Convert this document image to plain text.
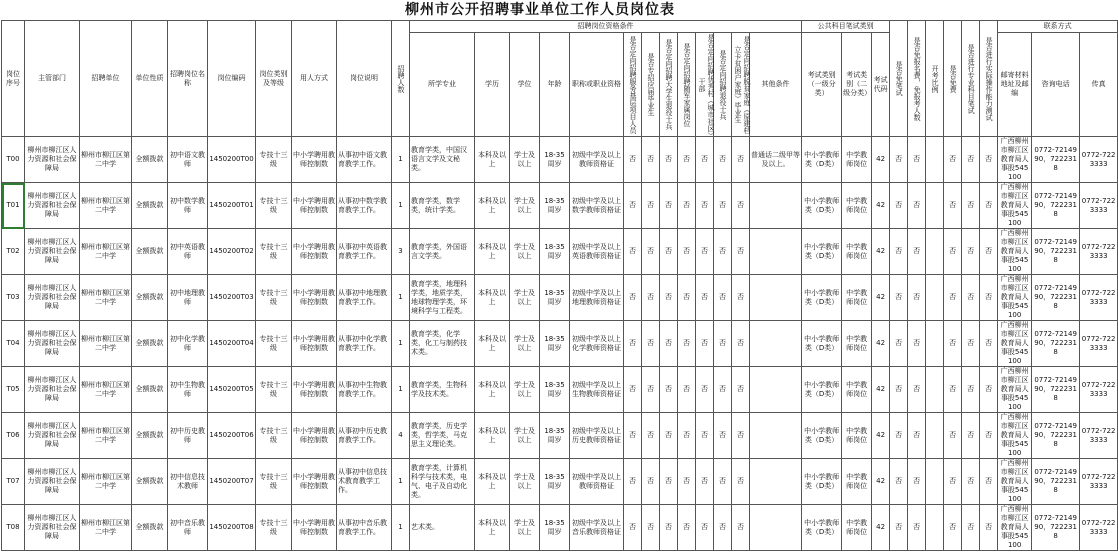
柳州市公开招聘事业单位工作人员岗位表
岗位序号	主管部门	招聘单位	单位性质	招聘岗位名称	岗位编码	岗位类别及等级	用人方式	岗位说明	招聘人数	招聘岗位资格条件													公共科目笔试类别			是否免笔试	是否免报名费，免报考人数	开考比例	是否免费	是否进行专业科目笔试	是否进行实际操作能力测试	联系方式		
										所学专业	学历	学位	年龄	职称或职业资格	是否定向招聘服务基层项目人员	是否专招应届毕业生	是否定向招聘大学生退役士兵	是否定向招聘随军家属岗位	是否定向招聘优秀村（城市社区）干部	是否定向招聘退役士兵	是否定向招聘脱贫家庭（原建档立卡贫困户家庭）毕业生	其他条件	考试类别（一级分类）	考试类别（二级分类）	考试代码							邮寄材料地址及邮编	咨询电话	传真
T00	柳州市柳江区人力资源和社会保障局	柳州市柳江区第二中学	全额拨款	初中语文教师	1450200T00	专技十三级	中小学聘用教师控制数	从事初中语文教育教学工作。	1	教育学类，中国汉语言文学及文秘类。	本科及以上	学士及以上	18-35周岁	初级中学及以上教师资格证	否	否	否	否	否	否	否	普通话二级甲等及以上。	中小学教师类（D类）	中学教师岗位	42	否	否		否	否	否	广西柳州市柳江区教育局人事股545100	0772-7214990，7222318	0772-7223333
T01	柳州市柳江区人力资源和社会保障局	柳州市柳江区第二中学	全额拨款	初中数学教师	1450200T01	专技十三级	中小学聘用教师控制数	从事初中数学教育教学工作。	1	教育学类，数学类，统计学类。	本科及以上	学士及以上	18-35周岁	初级中学及以上数学教师资格证	否	否	否	否	否	否	否		中小学教师类（D类）	中学教师岗位	42	否	否		否	否	否	广西柳州市柳江区教育局人事股545100	0772-7214990，7222318	0772-7223333
T02	柳州市柳江区人力资源和社会保障局	柳州市柳江区第二中学	全额拨款	初中英语教师	1450200T02	专技十三级	中小学聘用教师控制数	从事初中英语教育教学工作。	3	教育学类，外国语言文学类。	本科及以上	学士及以上	18-35周岁	初级中学及以上英语教师资格证	否	否	否	否	否	否	否		中小学教师类（D类）	中学教师岗位	42	否	否		否	否	否	广西柳州市柳江区教育局人事股545100	0772-7214990，7222318	0772-7223333
T03	柳州市柳江区人力资源和社会保障局	柳州市柳江区第二中学	全额拨款	初中地理教师	1450200T03	专技十三级	中小学聘用教师控制数	从事初中地理教育教学工作。	1	教育学类，地理科学类，地质学类，地球物理学类，环境科学与工程类。	本科及以上	学士及以上	18-35周岁	初级中学及以上地理教师资格证	否	否	否	否	否	否	否		中小学教师类（D类）	中学教师岗位	42	否	否		否	否	否	广西柳州市柳江区教育局人事股545100	0772-7214990，7222318	0772-7223333
T04	柳州市柳江区人力资源和社会保障局	柳州市柳江区第二中学	全额拨款	初中化学教师	1450200T04	专技十三级	中小学聘用教师控制数	从事初中化学教育教学工作。	1	教育学类，化学类，化工与制药技术类。	本科及以上	学士及以上	18-35周岁	初级中学及以上化学教师资格证	否	否	否	否	否	否	否		中小学教师类（D类）	中学教师岗位	42	否	否		否	否	否	广西柳州市柳江区教育局人事股545100	0772-7214990，7222318	0772-7223333
T05	柳州市柳江区人力资源和社会保障局	柳州市柳江区第二中学	全额拨款	初中生物教师	1450200T05	专技十三级	中小学聘用教师控制数	从事初中生物教育教学工作。	1	教育学类，生物科学及技术类。	本科及以上	学士及以上	18-35周岁	初级中学及以上生物教师资格证	否	否	否	否	否	否	否		中小学教师类（D类）	中学教师岗位	42	否	否		否	否	否	广西柳州市柳江区教育局人事股545100	0772-7214990，7222318	0772-7223333
T06	柳州市柳江区人力资源和社会保障局	柳州市柳江区第二中学	全额拨款	初中历史教师	1450200T06	专技十三级	中小学聘用教师控制数	从事初中历史教育教学工作。	4	教育学类，历史学类，哲学类，马克思主义理论类。	本科及以上	学士及以上	18-35周岁	初级中学及以上历史教师资格证	否	否	否	否	否	否	否		中小学教师类（D类）	中学教师岗位	42	否	否		否	否	否	广西柳州市柳江区教育局人事股545100	0772-7214990，7222318	0772-7223333
T07	柳州市柳江区人力资源和社会保障局	柳州市柳江区第二中学	全额拨款	初中信息技术教师	1450200T07	专技十三级	中小学聘用教师控制数	从事初中信息技术教育教学工作。	1	教育学类，计算机科学与技术类，电气、电子及自动化类。	本科及以上	学士及以上	18-35周岁	初级中学及以上教师资格证	否	否	否	否	否	否	否		中小学教师类（D类）	中学教师岗位	42	否	否		否	否	否	广西柳州市柳江区教育局人事股545100	0772-7214990，7222318	0772-7223333
T08	柳州市柳江区人力资源和社会保障局	柳州市柳江区第二中学	全额拨款	初中音乐教师	1450200T08	专技十三级	中小学聘用教师控制数	从事初中音乐教育教学工作。	1	艺术类。	本科及以上	学士及以上	18-35周岁	初级中学及以上音乐教师资格证	否	否	否	否	否	否	否		中小学教师类（D类）	中学教师岗位	42	否	否		否	否	否	广西柳州市柳江区教育局人事股545100	0772-7214990，7222318	0772-7223333
